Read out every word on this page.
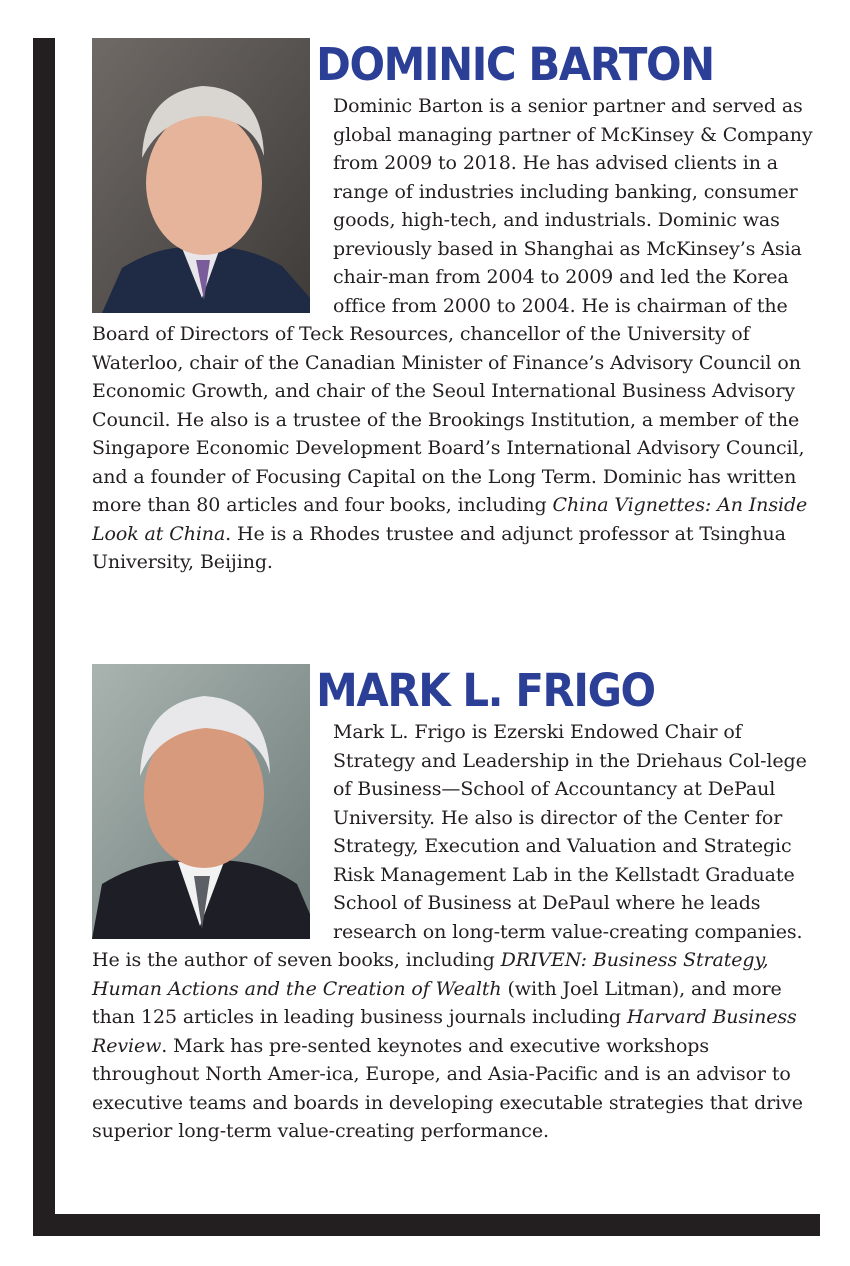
DOMINIC BARTON

Dominic Barton is a senior partner and served as global managing partner of McKinsey & Company from 2009 to 2018. He has advised clients in a range of industries including banking, consumer goods, high-tech, and industrials. Dominic was previously based in Shanghai as McKinsey’s Asia chair-man from 2004 to 2009 and led the Korea office from 2000 to 2004. He is chairman of the Board of Directors of Teck Resources, chancellor of the University of Waterloo, chair of the Canadian Minister of Finance’s Advisory Council on Economic Growth, and chair of the Seoul International Business Advisory Council. He also is a trustee of the Brookings Institution, a member of the Singapore Economic Development Board’s International Advisory Council, and a founder of Focusing Capital on the Long Term. Dominic has written more than 80 articles and four books, including China Vignettes: An Inside Look at China. He is a Rhodes trustee and adjunct professor at Tsinghua University, Beijing.

MARK L. FRIGO

Mark L. Frigo is Ezerski Endowed Chair of Strategy and Leadership in the Driehaus Col-lege of Business—School of Accountancy at DePaul University. He also is director of the Center for Strategy, Execution and Valuation and Strategic Risk Management Lab in the Kellstadt Graduate School of Business at DePaul where he leads research on long-term value-creating companies. He is the author of seven books, including DRIVEN: Business Strategy, Human Actions and the Creation of Wealth (with Joel Litman), and more than 125 articles in leading business journals including Harvard Business Review. Mark has pre-sented keynotes and executive workshops throughout North Amer-ica, Europe, and Asia-Pacific and is an advisor to executive teams and boards in developing executable strategies that drive superior long-term value-creating performance.
